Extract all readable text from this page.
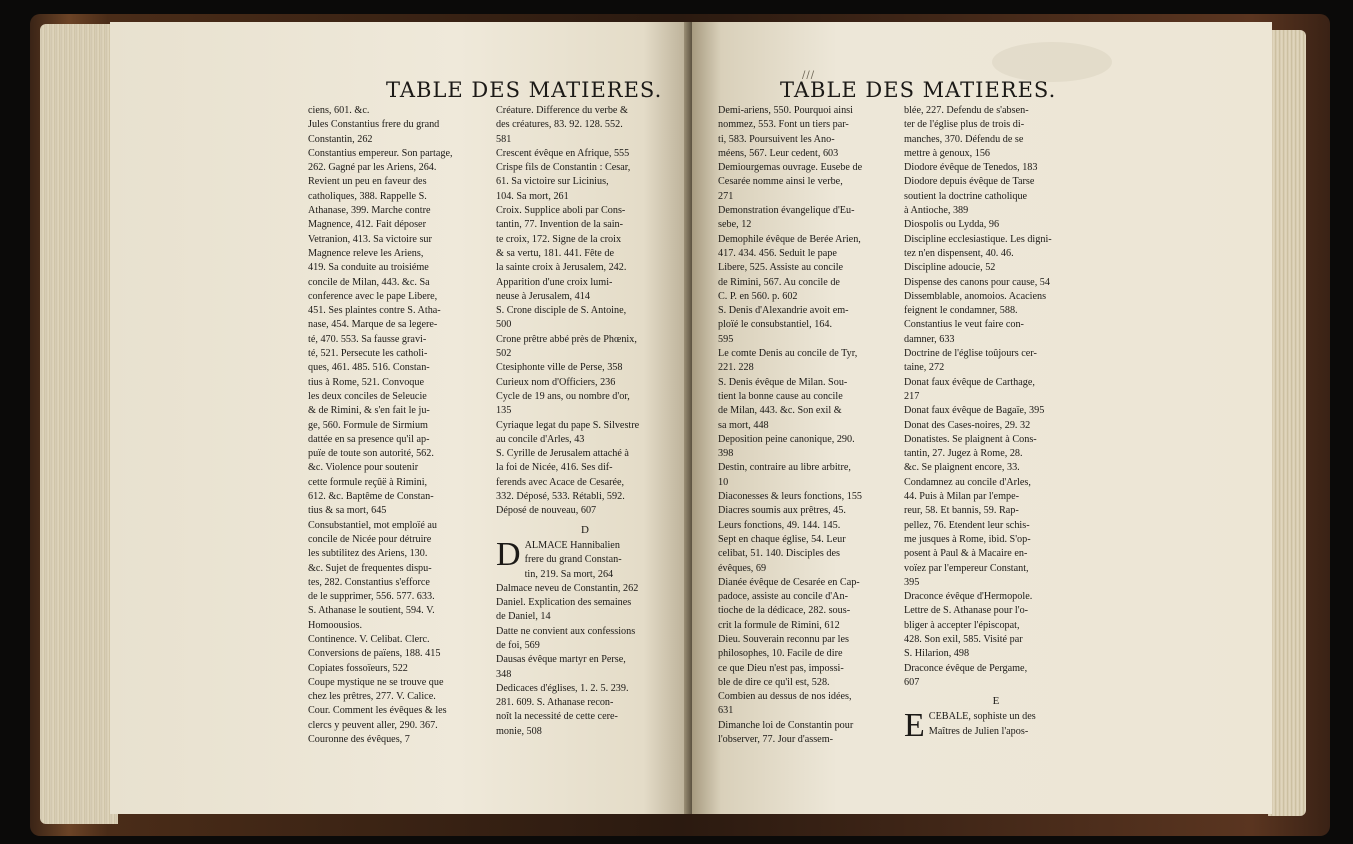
TABLE DES MATIERES.
ciens, 601. &c.
Jules Constantius frere du grand
Constantin, 262
Constantius empereur. Son partage,
262. Gagné par les Ariens, 264.
Revient un peu en faveur des
catholiques, 388. Rappelle S.
Athanase, 399. Marche contre
Magnence, 412. Fait déposer
Vetranion, 413. Sa victoire sur
Magnence releve les Ariens,
419. Sa conduite au troisiéme
concile de Milan, 443. &c. Sa
conference avec le pape Libere,
451. Ses plaintes contre S. Atha-
nase, 454. Marque de sa legere-
té, 470. 553. Sa fausse gravi-
té, 521. Persecute les catholi-
ques, 461. 485. 516. Constan-
tius à Rome, 521. Convoque
les deux conciles de Seleucie
& de Rimini, & s'en fait le ju-
ge, 560. Formule de Sirmium
dattée en sa presence qu'il ap-
puïe de toute son autorité, 562.
&c. Violence pour soutenir
cette formule reçûë à Rimini,
612. &c. Baptême de Constan-
tius & sa mort, 645
Consubstantiel, mot emploïé au
concile de Nicée pour détruire
les subtilitez des Ariens, 130.
&c. Sujet de frequentes dispu-
tes, 282. Constantius s'efforce
de le supprimer, 556. 577. 633.
S. Athanase le soutient, 594. V.
Homoousios.
Continence. V. Celibat. Clerc.
Conversions de païens, 188. 415
Copiates fossoïeurs, 522
Coupe mystique ne se trouve que
chez les prêtres, 277. V. Calice.
Cour. Comment les évêques & les
clercs y peuvent aller, 290. 367.
Couronne des évêques, 7
Créature. Difference du verbe &
des créatures, 83. 92. 128. 552.
581
Crescent évêque en Afrique, 555
Crispe fils de Constantin : Cesar,
61. Sa victoire sur Licinius,
104. Sa mort, 261
Croix. Supplice aboli par Cons-
tantin, 77. Invention de la sain-
te croix, 172. Signe de la croix
& sa vertu, 181. 441. Fête de
la sainte croix à Jerusalem, 242.
Apparition d'une croix lumi-
neuse à Jerusalem, 414
S. Crone disciple de S. Antoine,
500
Crone prêtre abbé près de Phœnix,
502
Ctesiphonte ville de Perse, 358
Curieux nom d'Officiers, 236
Cycle de 19 ans, ou nombre d'or,
135
Cyriaque legat du pape S. Silvestre
au concile d'Arles, 43
S. Cyrille de Jerusalem attaché à
la foi de Nicée, 416. Ses dif-
ferends avec Acace de Cesarée,
332. Déposé, 533. Rétabli, 592.
Déposé de nouveau, 607
D
D ALMACE Hannibalien
frere du grand Constan-
tin, 219. Sa mort, 264
Dalmace neveu de Constantin, 262
Daniel. Explication des semaines
de Daniel, 14
Datte ne convient aux confessions
de foi, 569
Dausas évêque martyr en Perse,
348
Dedicaces d'églises, 1. 2. 5. 239.
281. 609. S. Athanase recon-
noît la necessité de cette cere-
monie, 508
///
TABLE DES MATIERES.
Demi-ariens, 550. Pourquoi ainsi
nommez, 553. Font un tiers par-
ti, 583. Poursuivent les Ano-
méens, 567. Leur cedent, 603
Demiourgemas ouvrage. Eusebe de
Cesarée nomme ainsi le verbe,
271
Demonstration évangelique d'Eu-
sebe, 12
Demophile évêque de Berée Arien,
417. 434. 456. Seduit le pape
Libere, 525. Assiste au concile
de Rimini, 567. Au concile de
C. P. en 560. p. 602
S. Denis d'Alexandrie avoit em-
ploïé le consubstantiel, 164.
595
Le comte Denis au concile de Tyr,
221. 228
S. Denis évêque de Milan. Sou-
tient la bonne cause au concile
de Milan, 443. &c. Son exil &
sa mort, 448
Deposition peine canonique, 290.
398
Destin, contraire au libre arbitre,
10
Diaconesses & leurs fonctions, 155
Diacres soumis aux prêtres, 45.
Leurs fonctions, 49. 144. 145.
Sept en chaque église, 54. Leur
celibat, 51. 140. Disciples des
évêques, 69
Dianée évêque de Cesarée en Cap-
padoce, assiste au concile d'An-
tioche de la dédicace, 282. sous-
crit la formule de Rimini, 612
Dieu. Souverain reconnu par les
philosophes, 10. Facile de dire
ce que Dieu n'est pas, impossi-
ble de dire ce qu'il est, 528.
Combien au dessus de nos idées,
631
Dimanche loi de Constantin pour
l'observer, 77. Jour d'assem-
blée, 227. Defendu de s'absen-
ter de l'église plus de trois di-
manches, 370. Défendu de se
mettre à genoux, 156
Diodore évêque de Tenedos, 183
Diodore depuis évêque de Tarse
soutient la doctrine catholique
à Antioche, 389
Diospolis ou Lydda, 96
Discipline ecclesiastique. Les digni-
tez n'en dispensent, 40. 46.
Discipline adoucie, 52
Dispense des canons pour cause, 54
Dissemblable, anomoios. Acaciens
feignent le condamner, 588.
Constantius le veut faire con-
damner, 633
Doctrine de l'église toûjours cer-
taine, 272
Donat faux évêque de Carthage,
217
Donat faux évêque de Bagaïe, 395
Donat des Cases-noires, 29. 32
Donatistes. Se plaignent à Cons-
tantin, 27. Jugez à Rome, 28.
&c. Se plaignent encore, 33.
Condamnez au concile d'Arles,
44. Puis à Milan par l'empe-
reur, 58. Et bannis, 59. Rap-
pellez, 76. Etendent leur schis-
me jusques à Rome, ibid. S'op-
posent à Paul & à Macaire en-
voïez par l'empereur Constant,
395
Draconce évêque d'Hermopole.
Lettre de S. Athanase pour l'o-
bliger à accepter l'épiscopat,
428. Son exil, 585. Visité par
S. Hilarion, 498
Draconce évêque de Pergame,
607
E
E CEBALE, sophiste un des
Maîtres de Julien l'apos-
